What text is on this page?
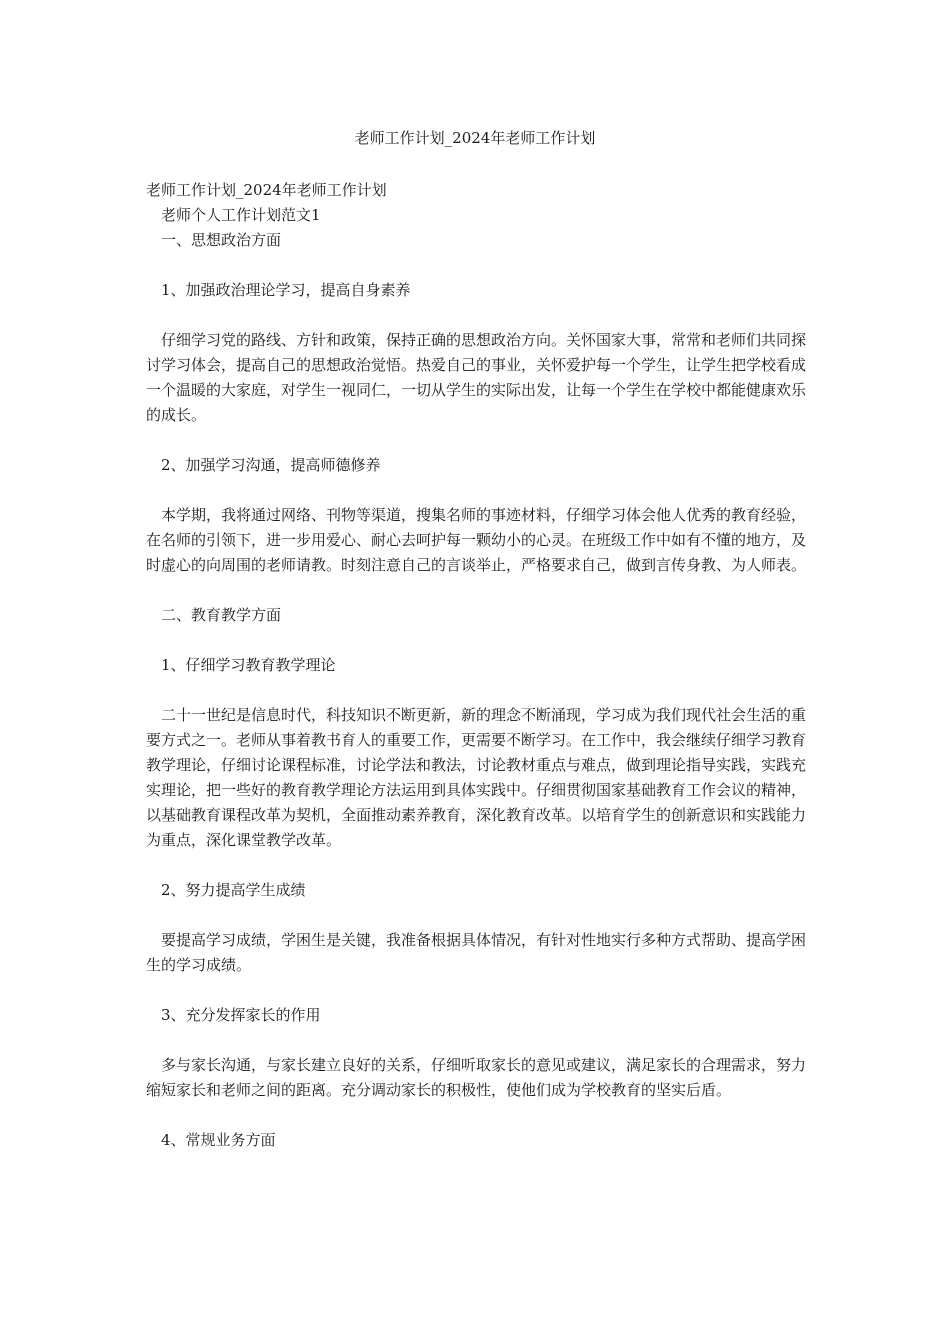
老师工作计划_2024年老师工作计划
老师工作计划_2024年老师工作计划
老师个人工作计划范文1
一、思想政治方面
1、加强政治理论学习，提高自身素养
仔细学习党的路线、方针和政策，保持正确的思想政治方向。关怀国家大事，常常和老师们共同探讨学习体会，提高自己的思想政治觉悟。热爱自己的事业，关怀爱护每一个学生，让学生把学校看成一个温暖的大家庭，对学生一视同仁，一切从学生的实际出发，让每一个学生在学校中都能健康欢乐的成长。
2、加强学习沟通，提高师德修养
本学期，我将通过网络、刊物等渠道，搜集名师的事迹材料，仔细学习体会他人优秀的教育经验，在名师的引领下，进一步用爱心、耐心去呵护每一颗幼小的心灵。在班级工作中如有不懂的地方，及时虚心的向周围的老师请教。时刻注意自己的言谈举止，严格要求自己，做到言传身教、为人师表。
二、教育教学方面
1、仔细学习教育教学理论
二十一世纪是信息时代，科技知识不断更新，新的理念不断涌现，学习成为我们现代社会生活的重要方式之一。老师从事着教书育人的重要工作，更需要不断学习。在工作中，我会继续仔细学习教育教学理论，仔细讨论课程标准，讨论学法和教法，讨论教材重点与难点，做到理论指导实践，实践充实理论，把一些好的教育教学理论方法运用到具体实践中。仔细贯彻国家基础教育工作会议的精神，以基础教育课程改革为契机，全面推动素养教育，深化教育改革。以培育学生的创新意识和实践能力为重点，深化课堂教学改革。
2、努力提高学生成绩
要提高学习成绩，学困生是关键，我准备根据具体情况，有针对性地实行多种方式帮助、提高学困生的学习成绩。
3、充分发挥家长的作用
多与家长沟通，与家长建立良好的关系，仔细听取家长的意见或建议，满足家长的合理需求，努力缩短家长和老师之间的距离。充分调动家长的积极性，使他们成为学校教育的坚实后盾。
4、常规业务方面
